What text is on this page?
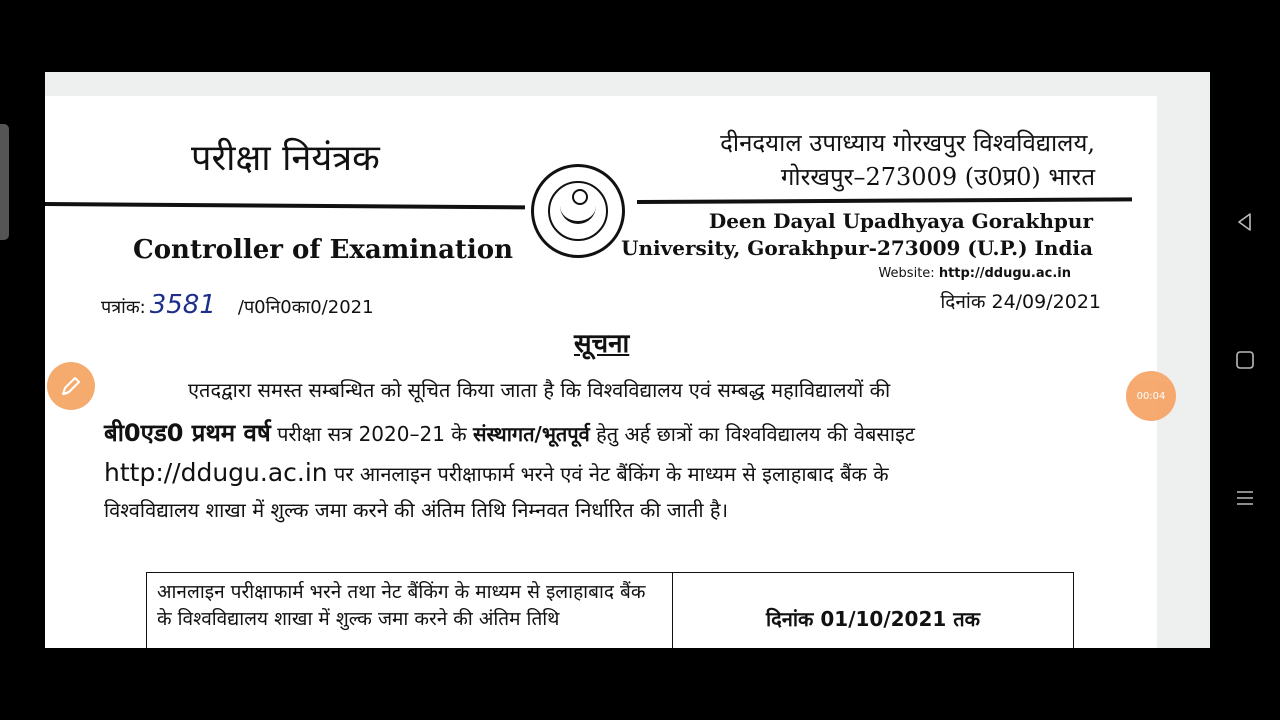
परीक्षा नियंत्रक	दीनदयाल उपाध्याय गोरखपुर विश्वविद्यालय,
गोरखपुर–273009 (उ0प्र0) भारत
Controller of Examination
Deen Dayal Upadhyaya Gorakhpur
University, Gorakhpur-273009 (U.P.) India
Website: http://ddugu.ac.in
पत्रांक: 3581 /प0नि0का0/2021	दिनांक 24/09/2021
सूचना
एतदद्वारा समस्त सम्बन्धित को सूचित किया जाता है कि विश्वविद्यालय एवं सम्बद्ध महाविद्यालयों की
बी0एड0 प्रथम वर्ष परीक्षा सत्र 2020–21 के संस्थागत/भूतपूर्व हेतु अर्ह छात्रों का विश्वविद्यालय की वेबसाइट
http://ddugu.ac.in पर आनलाइन परीक्षाफार्म भरने एवं नेट बैंकिंग के माध्यम से इलाहाबाद बैंक के
विश्वविद्यालय शाखा में शुल्क जमा करने की अंतिम तिथि निम्नवत निर्धारित की जाती है।
आनलाइन परीक्षाफार्म भरने तथा नेट बैंकिंग के माध्यम से इलाहाबाद बैंक के विश्वविद्यालय शाखा में शुल्क जमा करने की अंतिम तिथि	दिनांक 01/10/2021 तक
00:04
